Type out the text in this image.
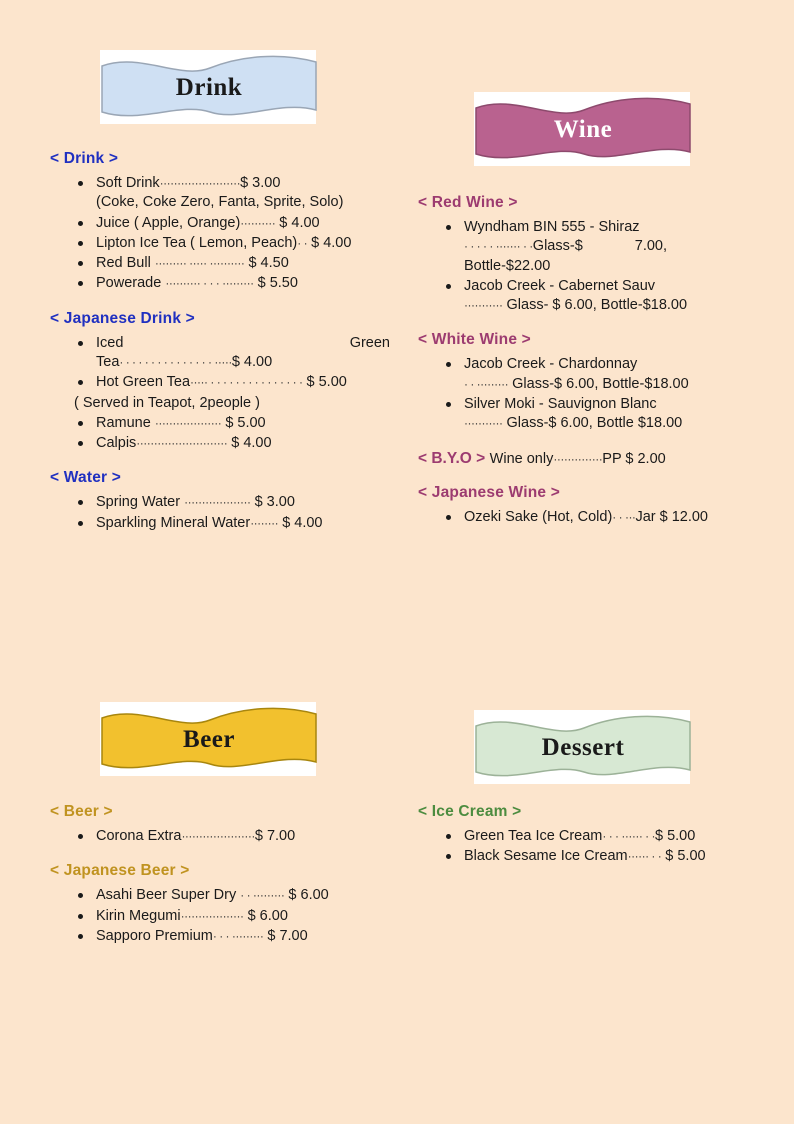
Drink
Wine
Beer	Dessert
< Drink >
Soft Drink·······················$ 3.00
(Coke, Coke Zero, Fanta, Sprite, Solo)
Juice ( Apple, Orange)·········· $ 4.00
Lipton Ice Tea ( Lemon, Peach)· · $ 4.00
Red Bull ········· ····· ·········· $ 4.50
Powerade ·········· · · · ········· $ 5.50
< Japanese Drink >
Iced	Green
Tea· · · · · · · · · · · · · · · ·····$ 4.00
Hot Green Tea····· · · · · · · · · · · · · · · · $ 5.00
( Served in Teapot, 2people )
Ramune ··················· $ 5.00
Calpis·························· $ 4.00
< Water >
Spring Water ··················· $ 3.00
Sparkling Mineral Water········ $ 4.00
< Red Wine >
Wyndham BIN 555 - Shiraz
· · · · · ······· · ·Glass-$	7.00,
Bottle-$22.00
Jacob Creek - Cabernet Sauv
··········· Glass- $ 6.00, Bottle-$18.00
< White Wine >
Jacob Creek - Chardonnay
· · ········· Glass-$ 6.00, Bottle-$18.00
Silver Moki - Sauvignon Blanc
··········· Glass-$ 6.00, Bottle $18.00
< B.Y.O > Wine only··············PP $ 2.00
< Japanese Wine >
Ozeki Sake (Hot, Cold)· · ···Jar $ 12.00
< Beer >
Corona Extra·····················$ 7.00
< Japanese Beer >
Asahi Beer Super Dry · · ········· $ 6.00
Kirin Megumi·················· $ 6.00
Sapporo Premium· · · ········· $ 7.00
< Ice Cream >
Green Tea Ice Cream· · · ······ · ·$ 5.00
Black Sesame Ice Cream······ · · $ 5.00
